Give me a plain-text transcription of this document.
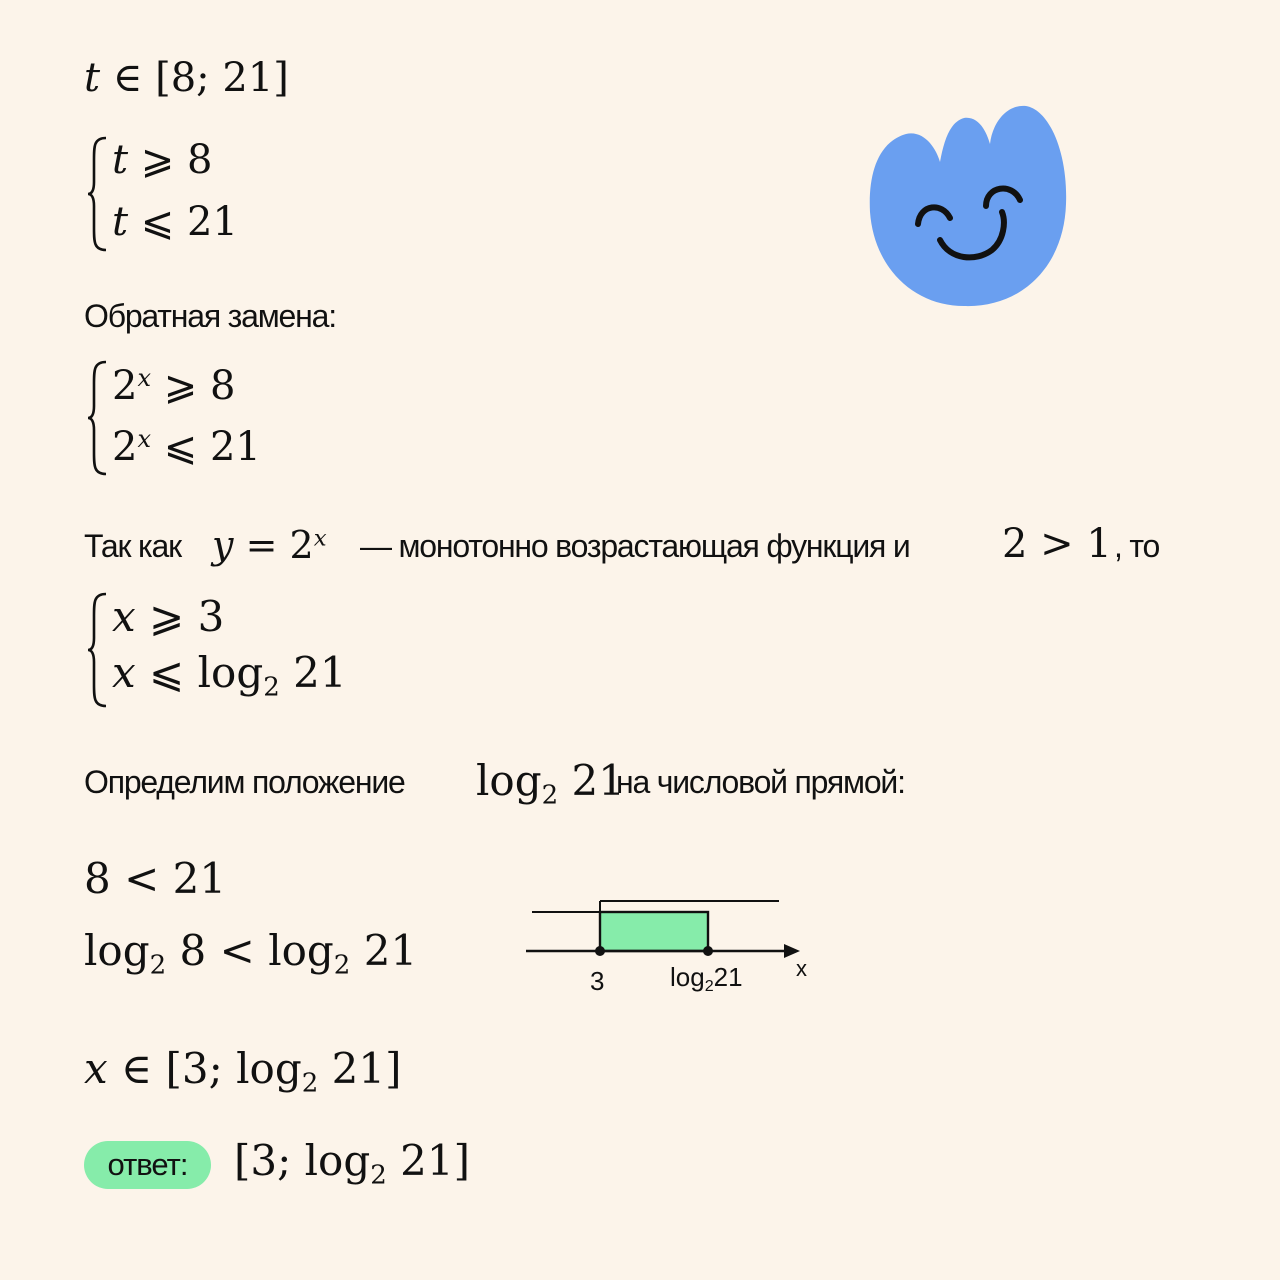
t ∈ [8; 21]
t ⩾ 8
t ⩽ 21
Обратная замена:
2$^x$ ⩾ 8
2$^x$ ⩽ 21
Так как $y = 2^x$ — монотонно возрастающая функция и 2 > 1 , то
x ⩾ 3
x ⩽ $\log_2 21$
Определим положение $\log_2 21$
на числовой прямой:
8 < 21
$\log_2 8 < \log_2 21$
3	$\log_221$ x
x ∈ [3; $\log_2 21$]
ответ:	[3; $\log_2 21$]
